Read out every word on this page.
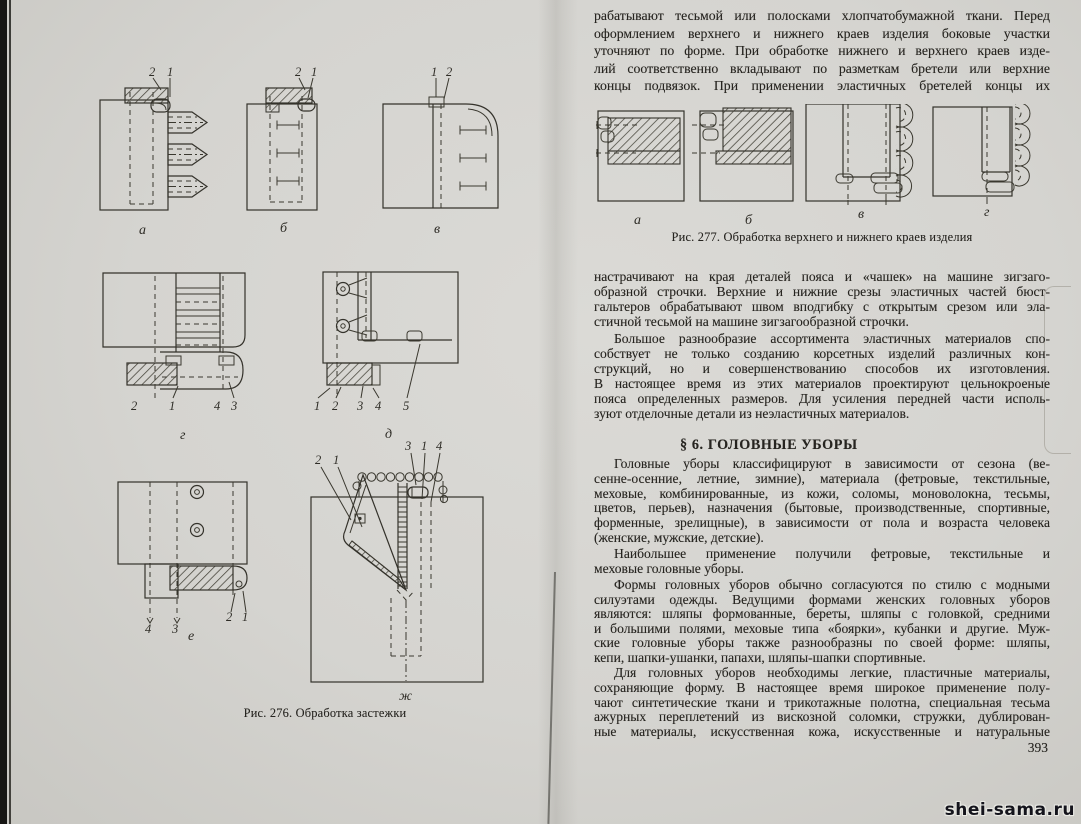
2 1
а
2 1
б
1 2
в
2	1	4 3
г
1 2 3 4 5
д
4 3
2 1
е
2 1
3 1 4
ж
Рис. 276. Обработка застежки
рабатывают тесьмой или полосками хлопчатобумажной ткани. Перед
оформлением верхнего и нижнего краев изделия боковые участки
уточняют по форме. При обработке нижнего и верхнего краев изде-
лий соответственно вкладывают по разметкам бретели или верхние
концы подвязок. При применении эластичных бретелей концы их
а	б	в	г
Рис. 277. Обработка верхнего и нижнего краев изделия
настрачивают на края деталей пояса и «чашек» на машине зигзаго-
образной строчки. Верхние и нижние срезы эластичных частей бюст-
гальтеров обрабатывают швом вподгибку с открытым срезом или эла-
стичной тесьмой на машине зигзагообразной строчки.
Большое разнообразие ассортимента эластичных материалов спо-
собствует не только созданию корсетных изделий различных кон-
струкций, но и совершенствованию способов их изготовления.
В настоящее время из этих материалов проектируют цельнокроеные
пояса определенных размеров. Для усиления передней части исполь-
зуют отделочные детали из неэластичных материалов.
§ 6. ГОЛОВНЫЕ УБОРЫ
Головные уборы классифицируют в зависимости от сезона (ве-
сенне-осенние, летние, зимние), материала (фетровые, текстильные,
меховые, комбинированные, из кожи, соломы, моноволокна, тесьмы,
цветов, перьев), назначения (бытовые, производственные, спортивные,
форменные, зрелищные), в зависимости от пола и возраста человека
(женские, мужские, детские).
Наибольшее применение получили фетровые, текстильные и
меховые головные уборы.
Формы головных уборов обычно согласуются по стилю с модными
силуэтами одежды. Ведущими формами женских головных уборов
являются: шляпы формованные, береты, шляпы с головкой, средними
и большими полями, меховые типа «боярки», кубанки и другие. Муж-
ские головные уборы также разнообразны по своей форме: шляпы,
кепи, шапки-ушанки, папахи, шляпы-шапки спортивные.
Для головных уборов необходимы легкие, пластичные материалы,
сохраняющие форму. В настоящее время широкое применение полу-
чают синтетические ткани и трикотажные полотна, специальная тесьма
ажурных переплетений из вискозной соломки, стружки, дублирован-
ные материалы, искусственная кожа, искусственные и натуральные
393
shei-sama.ru
